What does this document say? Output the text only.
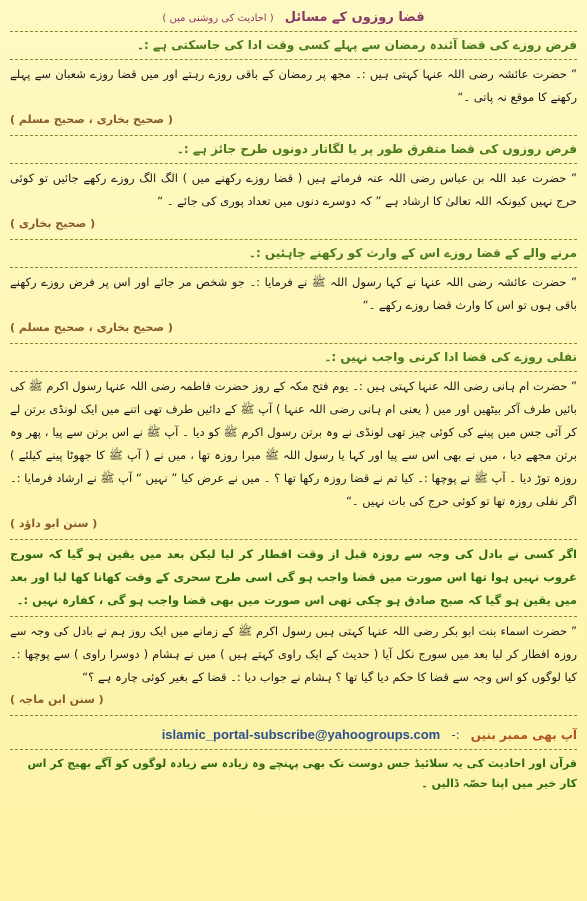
قضا روزوں کے مسائل ( احادیث کی روشنی میں )
فرض روزے کی قضا آئندہ رمضان سے پہلے کسی وقت ادا کی جاسکتی ہے :۔

” حضرت عائشہ رضی اللہ عنہا کہتی ہیں :۔ مجھ پر رمضان کے باقی روزے رہتے اور میں قضا روزے شعبان سے پہلے رکھنے کا موقع نہ پاتی ۔“

( صحیح بخاری ، صحیح مسلم )
فرض روزوں کی قضا متفرق طور پر یا لگاتار دونوں طرح جائز ہے :۔

” حضرت عبد اللہ بن عباس رضی اللہ عنہ فرماتے ہیں ( قضا روزے رکھنے میں ) الگ الگ روزے رکھے جائیں تو کوئی حرج نہیں کیونکہ اللہ تعالیٰ کا ارشاد ہے ” کہ دوسرے دنوں میں تعداد پوری کی جائے ۔ “

( صحیح بخاری )
مرنے والے کے قضا روزے اس کے وارث کو رکھنے چاہئیں :۔

” حضرت عائشہ رضی اللہ عنہا نے کہا رسول اللہ ﷺ نے فرمایا :۔ جو شخص مر جائے اور اس پر فرض روزے رکھنے باقی ہوں تو اس کا وارث قضا روزے رکھے ۔“

( صحیح بخاری ، صحیح مسلم )
نفلی روزے کی قضا ادا کرنی واجب نہیں :۔

” حضرت ام ہانی رضی اللہ عنہا کہتی ہیں :۔ یوم فتح مکہ کے روز حضرت فاطمہ رضی اللہ عنہا رسول اکرم ﷺ کی بائیں طرف آکر بیٹھیں اور میں ( یعنی ام ہانی رضی اللہ عنہا ) آپ ﷺ کے دائیں طرف تھی اتنے میں ایک لونڈی برتن لے کر آئی جس میں پینے کی کوئی چیز تھی لونڈی نے وہ برتن رسول اکرم ﷺ کو دیا ۔ آپ ﷺ نے اس برتن سے پیا ، پھر وہ برتن مجھے دیا ، میں نے بھی اس سے پیا اور کہا یا رسول اللہ ﷺ میرا روزہ تھا ، میں نے ( آپ ﷺ کا جھوٹا پینے کیلئے ) روزہ توڑ دیا ۔ آپ ﷺ نے پوچھا :۔ کیا تم نے قضا روزہ رکھا تھا ؟ ۔ میں نے عرض کیا ” نہیں “ آپ ﷺ نے ارشاد فرمایا :۔ اگر نفلی روزہ تھا تو کوئی حرج کی بات نہیں ۔“

( سنن ابو داؤد )

اگر کسی نے بادل کی وجہ سے روزہ قبل از وقت افطار کر لیا لیکن بعد میں یقین ہو گیا کہ سورج غروب نہیں ہوا تھا اس صورت میں قضا واجب ہو گی اسی طرح سحری کے وقت کھانا کھا لیا اور بعد میں یقین ہو گیا کہ صبح صادق ہو چکی تھی اس صورت میں بھی قضا واجب ہو گی ، کفارہ نہیں :۔

” حضرت اسماء بنت ابو بکر رضی اللہ عنہا کہتی ہیں رسول اکرم ﷺ کے زمانے میں ایک روز ہم نے بادل کی وجہ سے روزہ افطار کر لیا بعد میں سورج نکل آیا ( حدیث کے ایک راوی کہتے ہیں ) میں نے ہشام ( دوسرا راوی ) سے پوچھا :۔ کیا لوگوں کو اس وجہ سے قضا کا حکم دیا گیا تھا ؟ ہشام نے جواب دیا :۔ قضا کے بغیر کوئی چارہ ہے ؟“

( سنن ابن ماجہ )
islamic_portal-subscribe@yahoogroups.com -: آپ بھی ممبر بنیں
قرآن اور احادیث کی یہ سلائیڈ جس دوست تک بھی پہنچے وہ زیادہ سے زیادہ لوگوں کو آگے بھیج کر اس کار خیر میں اپنا حصّہ ڈالیں ۔
